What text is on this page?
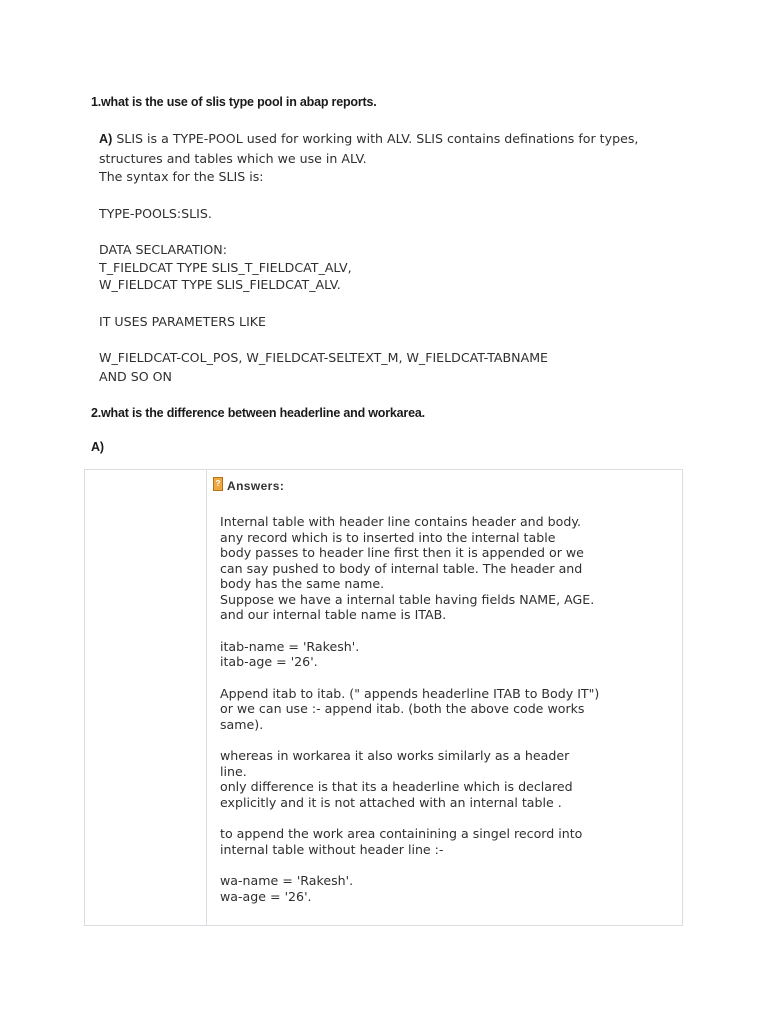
1.what is the use of slis type pool in abap reports.

A) SLIS is a TYPE-POOL used for working with ALV. SLIS contains definations for types,

structures and tables which we use in ALV.

The syntax for the SLIS is:

TYPE-POOLS:SLIS.

DATA SECLARATION:

T_FIELDCAT TYPE SLIS_T_FIELDCAT_ALV,

W_FIELDCAT TYPE SLIS_FIELDCAT_ALV.

IT USES PARAMETERS LIKE

W_FIELDCAT-COL_POS, W_FIELDCAT-SELTEXT_M, W_FIELDCAT-TABNAME

AND SO ON

2.what is the difference between headerline and workarea.

A)

? Answers:

Internal table with header line contains header and body.

any record which is to inserted into the internal table

body passes to header line first then it is appended or we

can say pushed to body of internal table. The header and

body has the same name.

Suppose we have a internal table having fields NAME, AGE.

and our internal table name is ITAB.

itab-name = 'Rakesh'.

itab-age = '26'.

Append itab to itab. (" appends headerline ITAB to Body IT")

or we can use :- append itab. (both the above code works

same).

whereas in workarea it also works similarly as a header

line.

only difference is that its a headerline which is declared

explicitly and it is not attached with an internal table .

to append the work area containining a singel record into

internal table without header line :-

wa-name = 'Rakesh'.

wa-age = '26'.
